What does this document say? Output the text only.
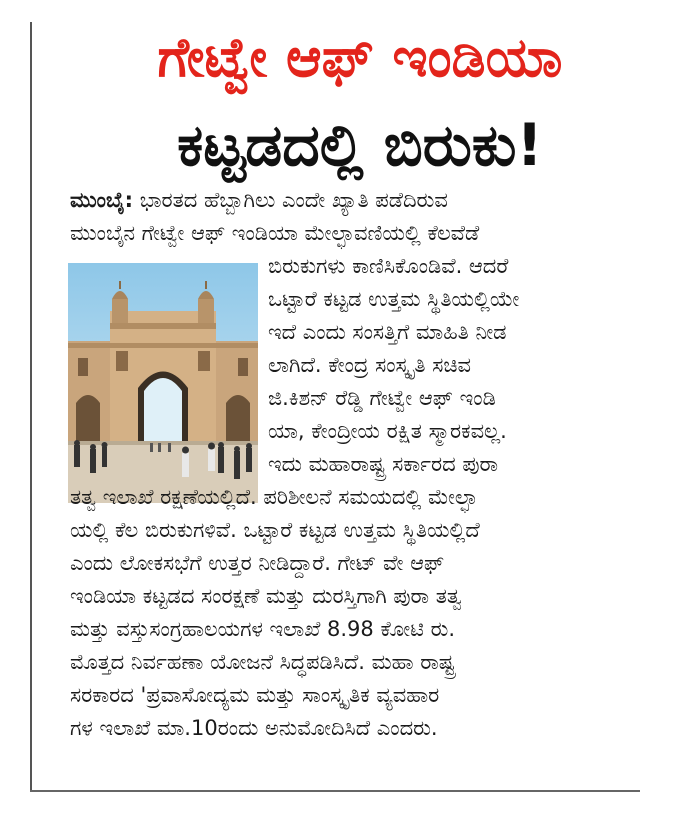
ಗೇಟ್ವೇ ಆಫ್ ಇಂಡಿಯಾ
ಕಟ್ಟಡದಲ್ಲಿ ಬಿರುಕು!
ಮುಂಬೈ: ಭಾರತದ ಹೆಬ್ಬಾಗಿಲು ಎಂದೇ ಖ್ಯಾತಿ ಪಡೆದಿರುವ
ಮುಂಬೈನ ಗೇಟ್ವೇ ಆಫ್ ಇಂಡಿಯಾ ಮೇಲ್ಛಾವಣಿಯಲ್ಲಿ ಕೆಲವೆಡೆ
ಬಿರುಕುಗಳು ಕಾಣಿಸಿಕೊಂಡಿವೆ. ಆದರೆ
ಒಟ್ಟಾರೆ ಕಟ್ಟಡ ಉತ್ತಮ ಸ್ಥಿತಿಯಲ್ಲಿಯೇ
ಇದೆ ಎಂದು ಸಂಸತ್ತಿಗೆ ಮಾಹಿತಿ ನೀಡ
ಲಾಗಿದೆ. ಕೇಂದ್ರ ಸಂಸ್ಕೃತಿ ಸಚಿವ
ಜಿ.ಕಿಶನ್ ರೆಡ್ಡಿ ಗೇಟ್ವೇ ಆಫ್ ಇಂಡಿ
ಯಾ, ಕೇಂದ್ರೀಯ ರಕ್ಷಿತ ಸ್ಮಾರಕವಲ್ಲ.
ಇದು ಮಹಾರಾಷ್ಟ್ರ ಸರ್ಕಾರದ ಪುರಾ
ತತ್ವ ಇಲಾಖೆ ರಕ್ಷಣೆಯಲ್ಲಿದೆ. ಪರಿಶೀಲನೆ ಸಮಯದಲ್ಲಿ ಮೇಲ್ಛಾ
ಯಲ್ಲಿ ಕೆಲ ಬಿರುಕುಗಳಿವೆ. ಒಟ್ಟಾರೆ ಕಟ್ಟಡ ಉತ್ತಮ ಸ್ಥಿತಿಯಲ್ಲಿದೆ
ಎಂದು ಲೋಕಸಭೆಗೆ ಉತ್ತರ ನೀಡಿದ್ದಾರೆ. ಗೇಟ್ ವೇ ಆಫ್
ಇಂಡಿಯಾ ಕಟ್ಟಡದ ಸಂರಕ್ಷಣೆ ಮತ್ತು ದುರಸ್ತಿಗಾಗಿ ಪುರಾ ತತ್ವ
ಮತ್ತು ವಸ್ತುಸಂಗ್ರಹಾಲಯಗಳ ಇಲಾಖೆ 8.98 ಕೋಟಿ ರು.
ಮೊತ್ತದ ನಿರ್ವಹಣಾ ಯೋಜನೆ ಸಿದ್ಧಪಡಿಸಿದೆ. ಮಹಾ ರಾಷ್ಟ್ರ
ಸರಕಾರದ 'ಪ್ರವಾಸೋದ್ಯಮ ಮತ್ತು ಸಾಂಸ್ಕೃತಿಕ ವ್ಯವಹಾರ
ಗಳ ಇಲಾಖೆ ಮಾ.10ರಂದು ಅನುಮೋದಿಸಿದೆ ಎಂದರು.
